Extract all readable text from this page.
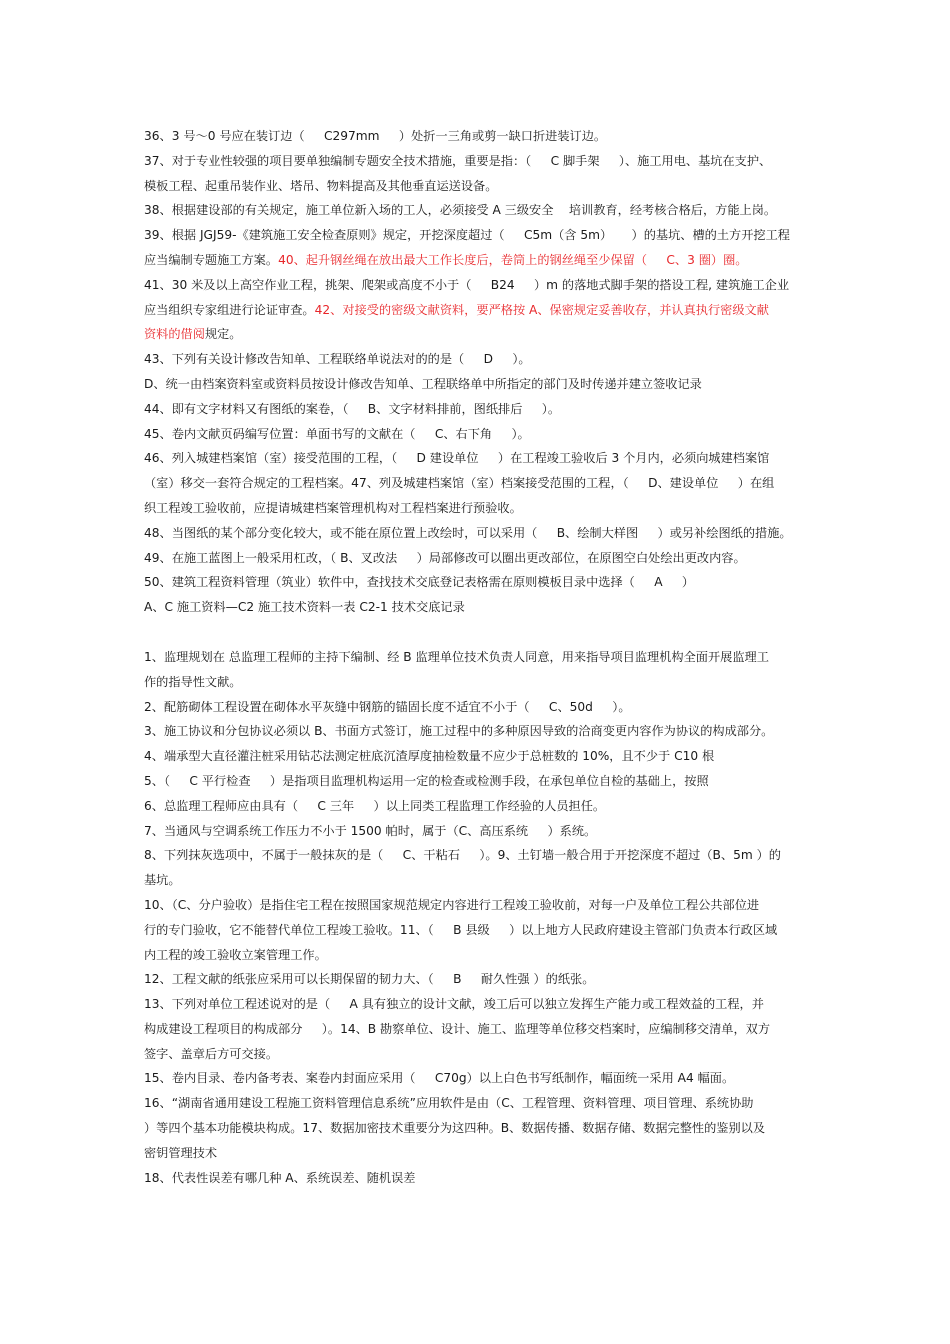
36、3 号～0 号应在装订边（     C297mm     ）处折一三角或剪一缺口折进装订边。
37、对于专业性较强的项目要单独编制专题安全技术措施，重要是指：（     C 脚手架     ）、施工用电、基坑在支护、
模板工程、起重吊装作业、塔吊、物料提高及其他垂直运送设备。
38、根据建设部的有关规定，施工单位新入场的工人，必须接受 A 三级安全    培训教育，经考核合格后，方能上岗。
39、根据 JGJ59-《建筑施工安全检查原则》规定，开挖深度超过（     C5m（含 5m）     ）的基坑、槽的土方开挖工程
应当编制专题施工方案。40、起升钢丝绳在放出最大工作长度后，卷筒上的钢丝绳至少保留（     C、3 圈）圈。
41、30 米及以上高空作业工程，挑架、爬架或高度不小于（     B24     ）m 的落地式脚手架的搭设工程, 建筑施工企业
应当组织专家组进行论证审查。42、对接受的密级文献资料，要严格按 A、保密规定妥善收存，并认真执行密级文献
资料的借阅规定。
43、下列有关设计修改告知单、工程联络单说法对的的是（     D     ）。
D、统一由档案资料室或资料员按设计修改告知单、工程联络单中所指定的部门及时传递并建立签收记录
44、即有文字材料又有图纸的案卷，（     B、文字材料排前，图纸排后     ）。
45、卷内文献页码编写位置：单面书写的文献在（     C、右下角     ）。
46、列入城建档案馆（室）接受范围的工程，（     D 建设单位     ）在工程竣工验收后 3 个月内，必须向城建档案馆
（室）移交一套符合规定的工程档案。47、列及城建档案馆（室）档案接受范围的工程，（     D、建设单位     ）在组
织工程竣工验收前，应提请城建档案管理机构对工程档案进行预验收。
48、当图纸的某个部分变化较大，或不能在原位置上改绘时，可以采用（     B、绘制大样图     ）或另补绘图纸的措施。
49、在施工蓝图上一般采用杠改，（ B、叉改法     ）局部修改可以圈出更改部位，在原图空白处绘出更改内容。
50、建筑工程资料管理（筑业）软件中，查找技术交底登记表格需在原则模板目录中选择（     A     ）
A、C 施工资料—C2 施工技术资料一表 C2-1 技术交底记录
1、监理规划在 总监理工程师的主持下编制、经 B 监理单位技术负责人同意，用来指导项目监理机构全面开展监理工
作的指导性文献。
2、配筋砌体工程设置在砌体水平灰缝中钢筋的锚固长度不适宜不小于（     C、50d     ）。
3、施工协议和分包协议必须以 B、书面方式签订，施工过程中的多种原因导致的洽商变更内容作为协议的构成部分。
4、端承型大直径灌注桩采用钻芯法测定桩底沉渣厚度抽检数量不应少于总桩数的 10%，且不少于 C10 根
5、（     C 平行检查     ）是指项目监理机构运用一定的检查或检测手段，在承包单位自检的基础上，按照
6、总监理工程师应由具有（     C 三年     ）以上同类工程监理工作经验的人员担任。
7、当通风与空调系统工作压力不小于 1500 帕时，属于（C、高压系统     ）系统。
8、下列抹灰选项中，不属于一般抹灰的是（     C、干粘石     ）。9、土钉墙一般合用于开挖深度不超过（B、5m ）的
基坑。
10、（C、分户验收）是指住宅工程在按照国家规范规定内容进行工程竣工验收前，对每一户及单位工程公共部位进
行的专门验收，它不能替代单位工程竣工验收。11、（     B 县级     ）以上地方人民政府建设主管部门负责本行政区域
内工程的竣工验收立案管理工作。
12、工程文献的纸张应采用可以长期保留的韧力大、（     B     耐久性强 ）的纸张。
13、下列对单位工程述说对的是（     A 具有独立的设计文献，竣工后可以独立发挥生产能力或工程效益的工程，并
构成建设工程项目的构成部分     ）。14、B 勘察单位、设计、施工、监理等单位移交档案时，应编制移交清单，双方
签字、盖章后方可交接。
15、卷内目录、卷内备考表、案卷内封面应采用（     C70g）以上白色书写纸制作，幅面统一采用 A4 幅面。
16、“湖南省通用建设工程施工资料管理信息系统”应用软件是由（C、工程管理、资料管理、项目管理、系统协助
）等四个基本功能模块构成。17、数据加密技术重要分为这四种。B、数据传播、数据存储、数据完整性的鉴别以及
密钥管理技术
18、代表性误差有哪几种 A、系统误差、随机误差
